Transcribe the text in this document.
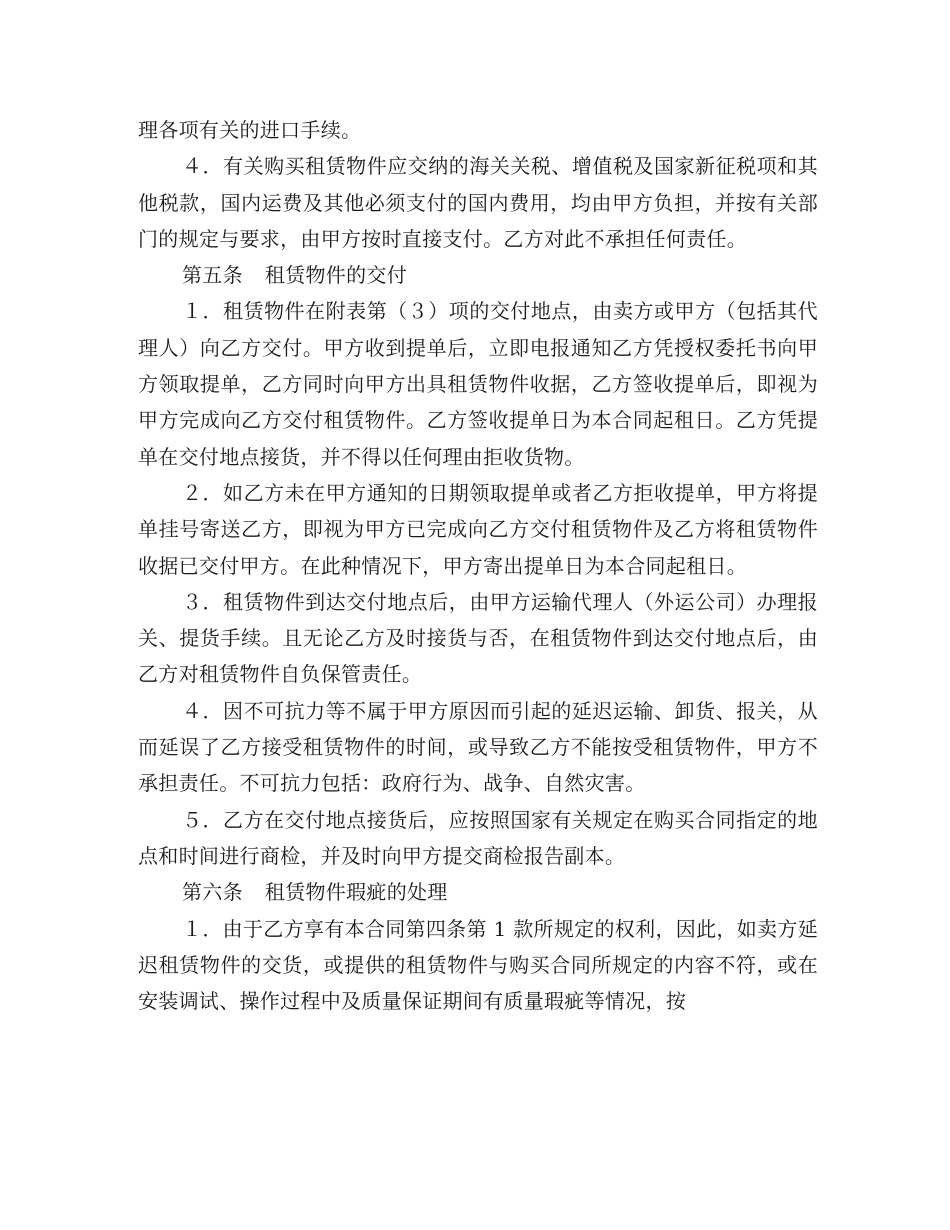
理各项有关的进口手续。

４．有关购买租赁物件应交纳的海关关税、增值税及国家新征税项和其他税款，国内运费及其他必须支付的国内费用，均由甲方负担，并按有关部门的规定与要求，由甲方按时直接支付。乙方对此不承担任何责任。

第五条 租赁物件的交付

１．租赁物件在附表第（３）项的交付地点，由卖方或甲方（包括其代理人）向乙方交付。甲方收到提单后，立即电报通知乙方凭授权委托书向甲方领取提单，乙方同时向甲方出具租赁物件收据，乙方签收提单后，即视为甲方完成向乙方交付租赁物件。乙方签收提单日为本合同起租日。乙方凭提单在交付地点接货，并不得以任何理由拒收货物。

２．如乙方未在甲方通知的日期领取提单或者乙方拒收提单，甲方将提单挂号寄送乙方，即视为甲方已完成向乙方交付租赁物件及乙方将租赁物件收据已交付甲方。在此种情况下，甲方寄出提单日为本合同起租日。

３．租赁物件到达交付地点后，由甲方运输代理人（外运公司）办理报关、提货手续。且无论乙方及时接货与否，在租赁物件到达交付地点后，由乙方对租赁物件自负保管责任。

４．因不可抗力等不属于甲方原因而引起的延迟运输、卸货、报关，从而延误了乙方接受租赁物件的时间，或导致乙方不能按受租赁物件，甲方不承担责任。不可抗力包括：政府行为、战争、自然灾害。

５．乙方在交付地点接货后，应按照国家有关规定在购买合同指定的地点和时间进行商检，并及时向甲方提交商检报告副本。

第六条 租赁物件瑕疵的处理

１．由于乙方享有本合同第四条第 1 款所规定的权利，因此，如卖方延迟租赁物件的交货，或提供的租赁物件与购买合同所规定的内容不符，或在安装调试、操作过程中及质量保证期间有质量瑕疵等情况，按
